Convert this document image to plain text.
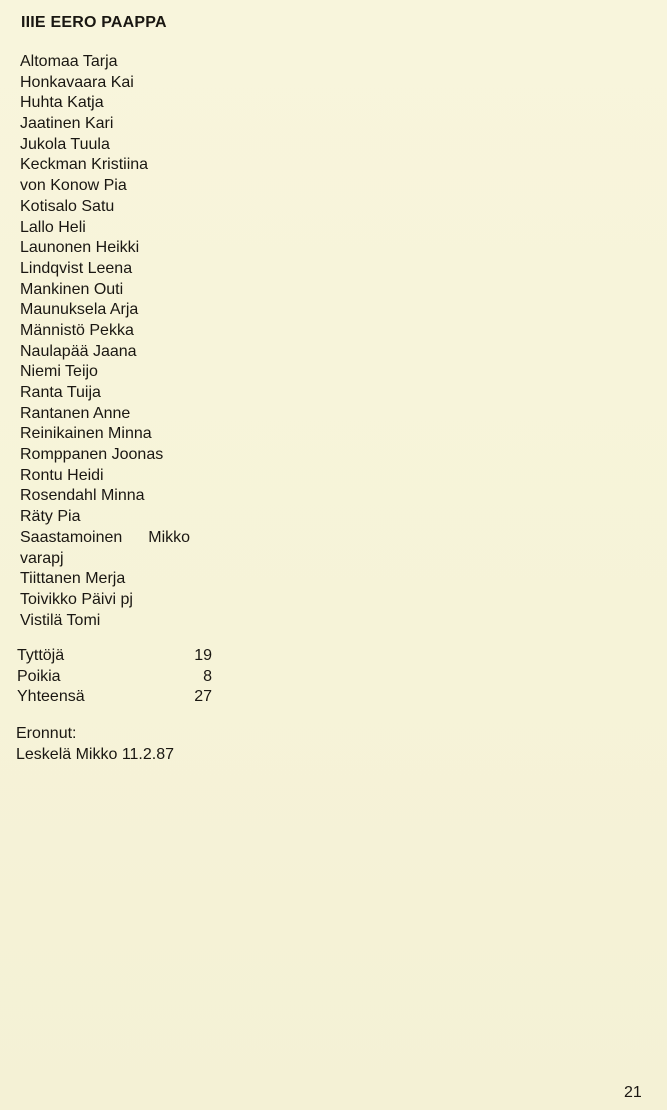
IIIE EERO PAAPPA
Altomaa Tarja
Honkavaara Kai
Huhta Katja
Jaatinen Kari
Jukola Tuula
Keckman Kristiina
von Konow Pia
Kotisalo Satu
Lallo Heli
Launonen Heikki
Lindqvist Leena
Mankinen Outi
Maunuksela Arja
Männistö Pekka
Naulapää Jaana
Niemi Teijo
Ranta Tuija
Rantanen Anne
Reinikainen Minna
Romppanen Joonas
Rontu Heidi
Rosendahl Minna
Räty Pia
Saastamoinen Mikko
varapj
Tiittanen Merja
Toivikko Päivi pj
Vistilä Tomi
Tyttöjä	19
Poikia	8
Yhteensä	27
Eronnut:
Leskelä Mikko 11.2.87
21
